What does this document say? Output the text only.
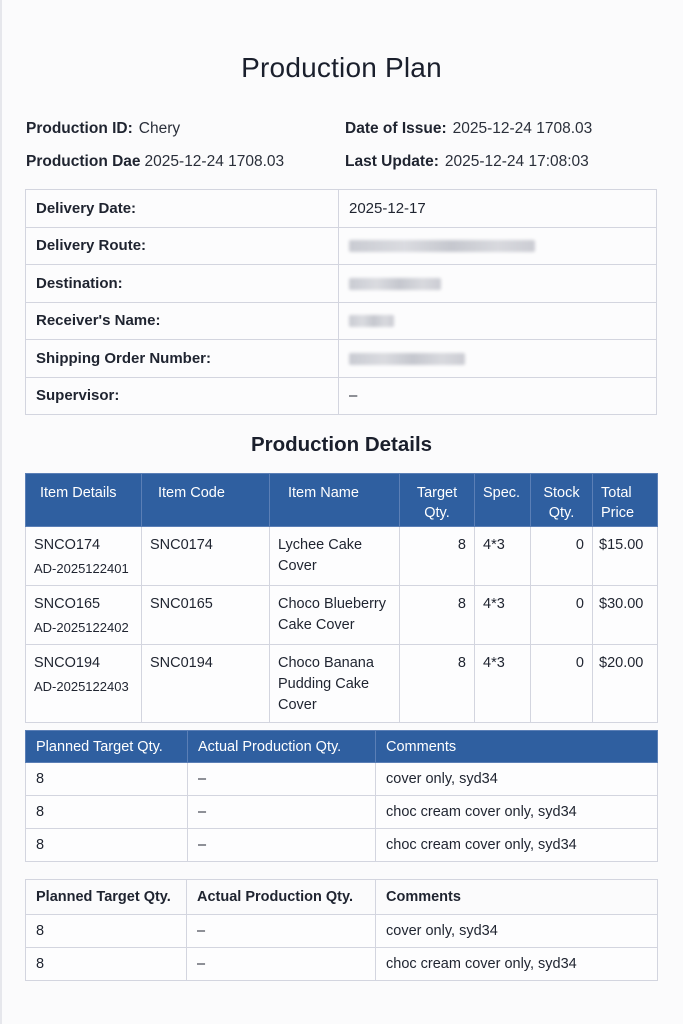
Production Plan
Production ID: Chery	Date of Issue: 2025-12-24 1708.03
Production Dae 2025-12-24 1708.03	Last Update: 2025-12-24 17:08:03
Delivery Date:	2025-12-17
Delivery Route:	
Destination:	
Receiver's Name:	
Shipping Order Number:	
Supervisor:	–
Production Details
Item Details	Item Code	Item Name	Target Qty.	Spec.	Stock Qty.	Total Price
SNCO174
AD-2025122401	SNC0174	Lychee Cake Cover	8	4*3	0	$15.00
SNCO165
AD-2025122402	SNC0165	Choco Blueberry Cake Cover	8	4*3	0	$30.00
SNCO194
AD-2025122403	SNC0194	Choco Banana Pudding Cake Cover	8	4*3	0	$20.00
Planned Target Qty.	Actual Production Qty.	Comments
8	–	cover only, syd34
8	–	choc cream cover only, syd34
8	–	choc cream cover only, syd34
Planned Target Qty.	Actual Production Qty.	Comments
8	–	cover only, syd34
8	–	choc cream cover only, syd34
